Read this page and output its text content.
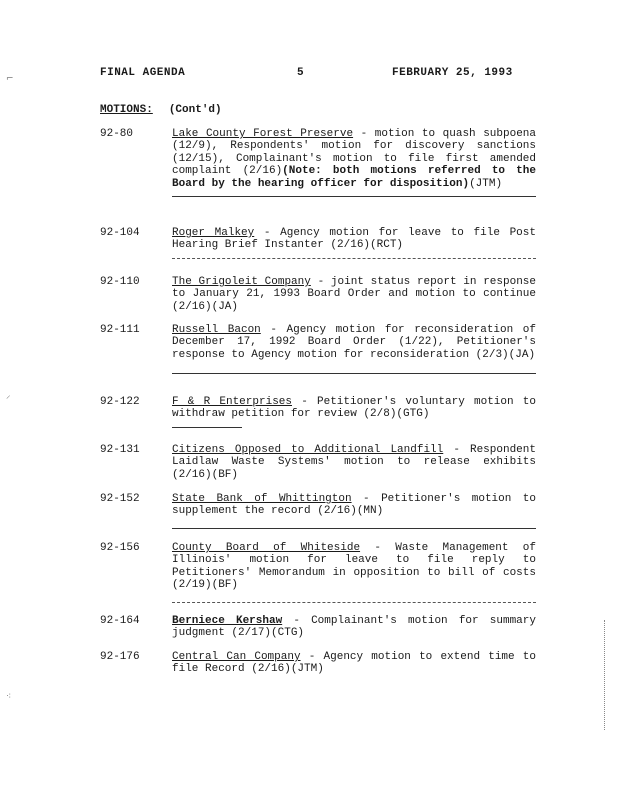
FINAL AGENDA	5	FEBRUARY 25, 1993
MOTIONS: (Cont'd)
92-80	Lake County Forest Preserve - motion to quash subpoena (12/9), Respondents' motion for discovery sanctions (12/15), Complainant's motion to file first amended complaint (2/16)(Note: both motions referred to the Board by the hearing officer for disposition)(JTM)
92-104	Roger Malkey - Agency motion for leave to file Post Hearing Brief Instanter (2/16)(RCT)
92-110	The Grigoleit Company - joint status report in response to January 21, 1993 Board Order and motion to continue (2/16)(JA)
92-111	Russell Bacon - Agency motion for reconsideration of December 17, 1992 Board Order (1/22), Petitioner's response to Agency motion for reconsideration (2/3)(JA)
92-122	F & R Enterprises - Petitioner's voluntary motion to withdraw petition for review (2/8)(GTG)
92-131	Citizens Opposed to Additional Landfill - Respondent Laidlaw Waste Systems' motion to release exhibits (2/16)(BF)
92-152	State Bank of Whittington - Petitioner's motion to supplement the record (2/16)(MN)
92-156	County Board of Whiteside - Waste Management of Illinois' motion for leave to file reply to Petitioners' Memorandum in opposition to bill of costs (2/19)(BF)
92-164	Berniece Kershaw - Complainant's motion for summary judgment (2/17)(CTG)
92-176	Central Can Company - Agency motion to extend time to file Record (2/16)(JTM)
⌐
⸝
⁖
